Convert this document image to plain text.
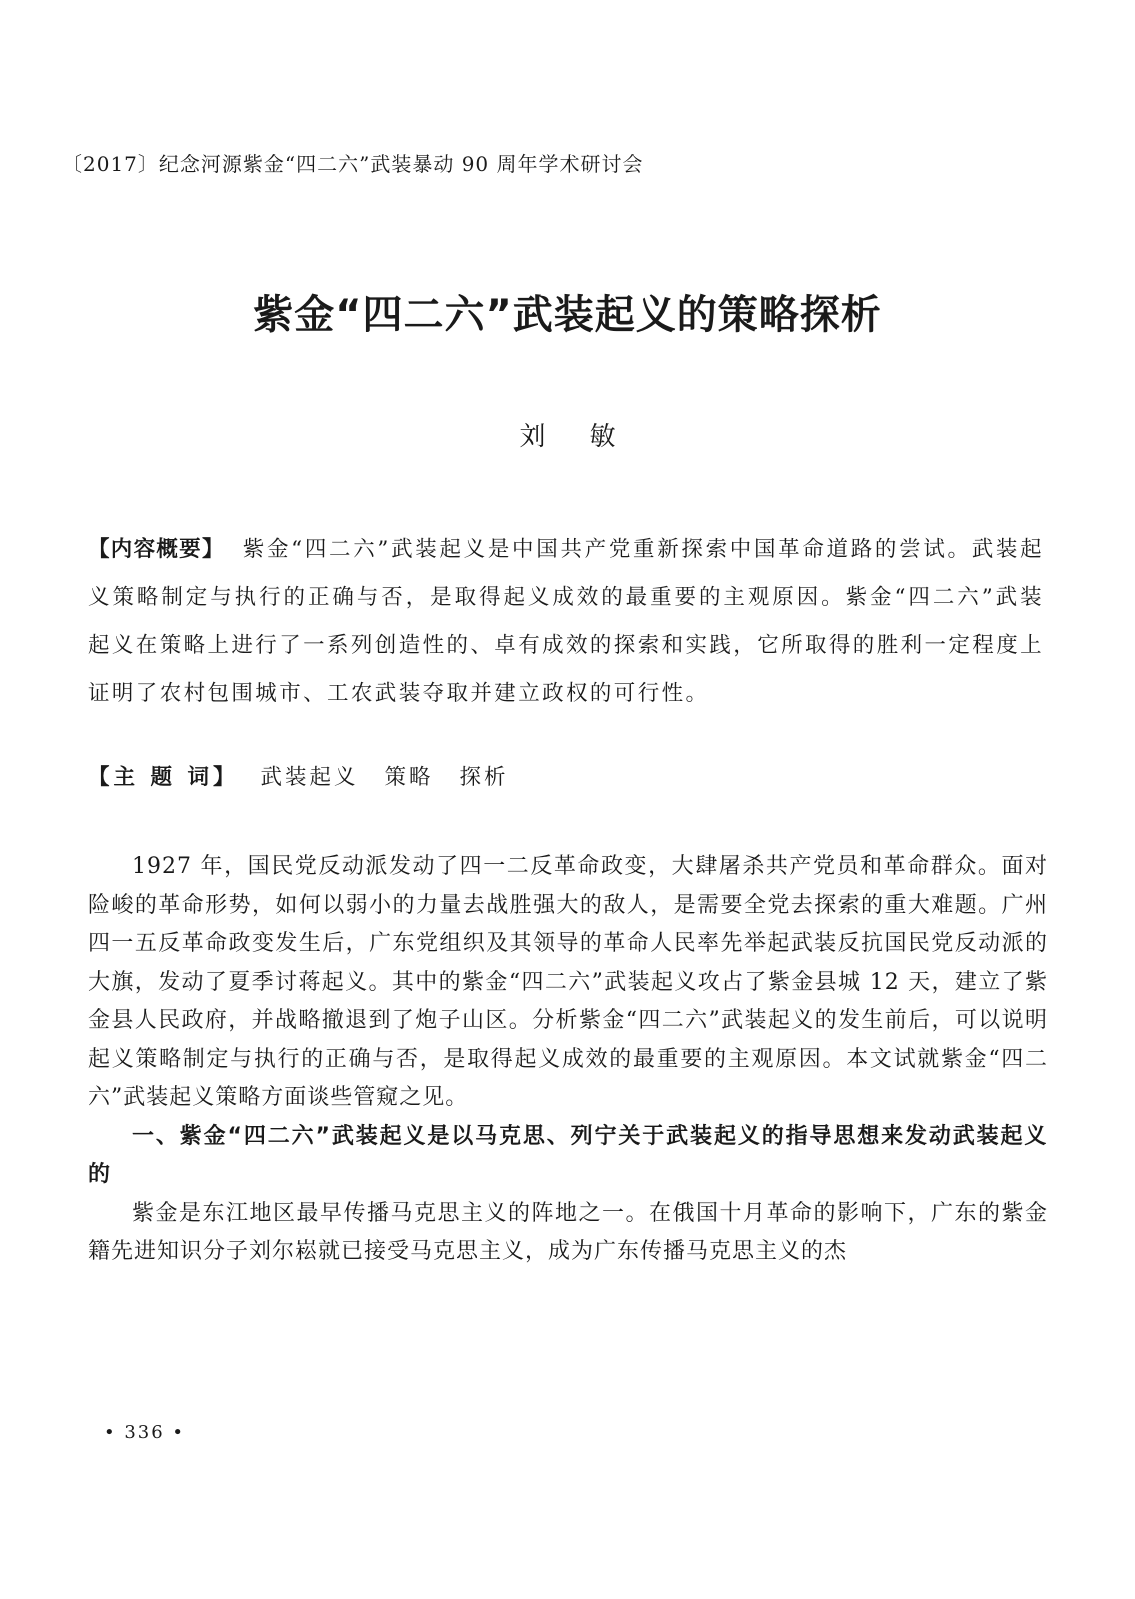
〔2017〕纪念河源紫金“四二六”武装暴动 90 周年学术研讨会
紫金“四二六”武装起义的策略探析
刘敏
【内容概要】 紫金“四二六”武装起义是中国共产党重新探索中国革命道路的尝试。武装起义策略制定与执行的正确与否，是取得起义成效的最重要的主观原因。紫金“四二六”武装起义在策略上进行了一系列创造性的、卓有成效的探索和实践，它所取得的胜利一定程度上证明了农村包围城市、工农武装夺取并建立政权的可行性。
【主 题 词】 武装起义 策略 探析

1927 年，国民党反动派发动了四一二反革命政变，大肆屠杀共产党员和革命群众。面对险峻的革命形势，如何以弱小的力量去战胜强大的敌人，是需要全党去探索的重大难题。广州四一五反革命政变发生后，广东党组织及其领导的革命人民率先举起武装反抗国民党反动派的大旗，发动了夏季讨蒋起义。其中的紫金“四二六”武装起义攻占了紫金县城 12 天，建立了紫金县人民政府，并战略撤退到了炮子山区。分析紫金“四二六”武装起义的发生前后，可以说明起义策略制定与执行的正确与否，是取得起义成效的最重要的主观原因。本文试就紫金“四二六”武装起义策略方面谈些管窥之见。

一、紫金“四二六”武装起义是以马克思、列宁关于武装起义的指导思想来发动武装起义的

紫金是东江地区最早传播马克思主义的阵地之一。在俄国十月革命的影响下，广东的紫金籍先进知识分子刘尔崧就已接受马克思主义，成为广东传播马克思主义的杰

• 336 •
